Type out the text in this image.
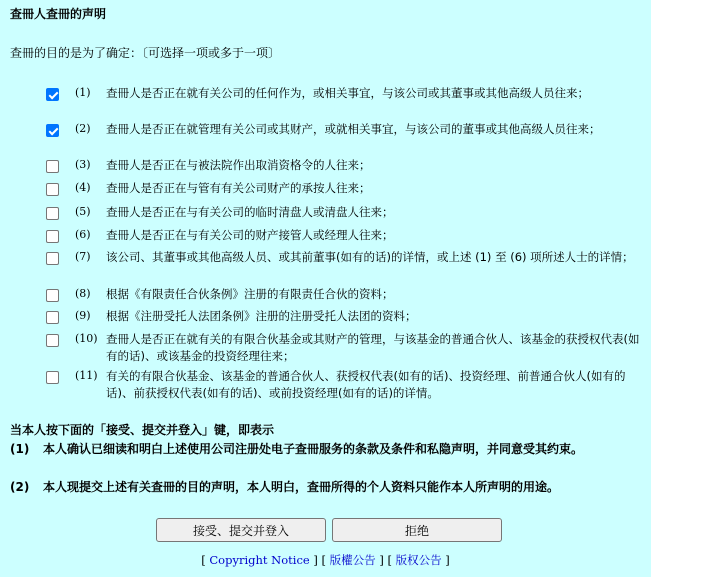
查冊人查冊的声明
查冊的目的是为了确定：〔可选择一项或多于一项〕
(1) 查冊人是否正在就有关公司的任何作为，或相关事宜，与该公司或其董事或其他高级人员往来；
(2) 查冊人是否正在就管理有关公司或其财产，或就相关事宜，与该公司的董事或其他高级人员往来；
(3) 查冊人是否正在与被法院作出取消资格令的人往来；
(4) 查冊人是否正在与管有有关公司财产的承按人往来；
(5) 查冊人是否正在与有关公司的临时清盘人或清盘人往来；
(6) 查冊人是否正在与有关公司的财产接管人或经理人往来；
(7) 该公司、其董事或其他高级人员、或其前董事(如有的话)的详情，或上述 (1) 至 (6) 项所述人士的详情；
(8) 根据《有限责任合伙条例》注册的有限责任合伙的资料；
(9) 根据《注册受托人法团条例》注册的注册受托人法团的资料；
(10) 查冊人是否正在就有关的有限合伙基金或其财产的管理，与该基金的普通合伙人、该基金的获授权代表(如有的话)、或该基金的投资经理往来；
(11) 有关的有限合伙基金、该基金的普通合伙人、获授权代表(如有的话)、投资经理、前普通合伙人(如有的话)、前获授权代表(如有的话)、或前投资经理(如有的话)的详情。
当本人按下面的「接受、提交并登入」键，即表示
(1) 本人确认已细读和明白上述使用公司注册处电子查冊服务的条款及条件和私隐声明，并同意受其约束。
(2) 本人现提交上述有关查冊的目的声明，本人明白，查冊所得的个人资料只能作本人所声明的用途。
接受、提交并登入	拒绝
[ Copyright Notice ] [ 版權公告 ] [ 版权公告 ]
